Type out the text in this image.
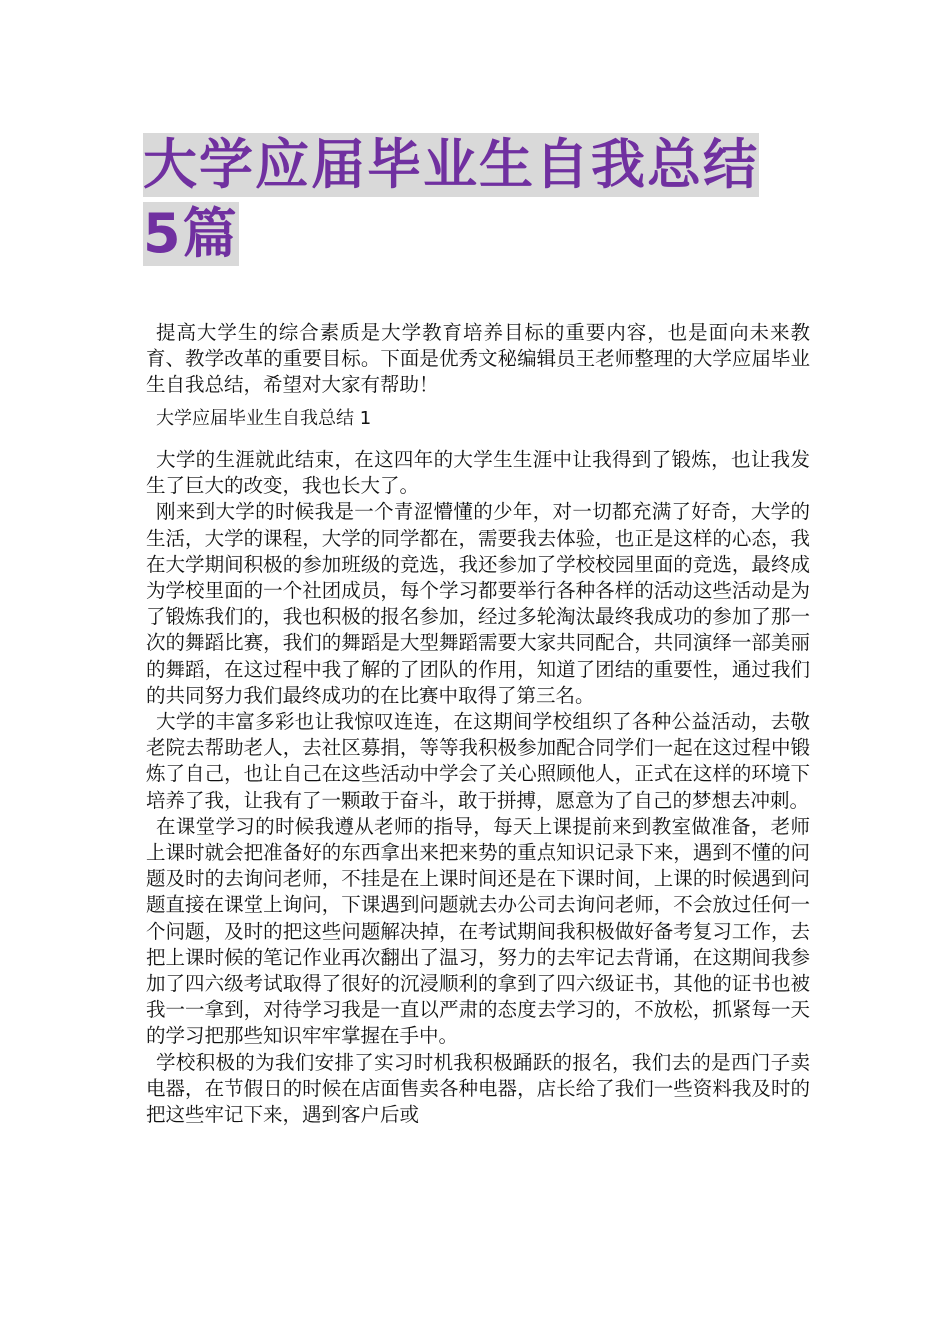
大学应届毕业生自我总结
5篇

提高大学生的综合素质是大学教育培养目标的重要内容，也是面向未来教育、教学改革的重要目标。下面是优秀文秘编辑员王老师整理的大学应届毕业生自我总结，希望对大家有帮助！

大学应届毕业生自我总结 1

大学的生涯就此结束，在这四年的大学生生涯中让我得到了锻炼，也让我发生了巨大的改变，我也长大了。

刚来到大学的时候我是一个青涩懵懂的少年，对一切都充满了好奇，大学的生活，大学的课程，大学的同学都在，需要我去体验，也正是这样的心态，我在大学期间积极的参加班级的竞选，我还参加了学校校园里面的竞选，最终成为学校里面的一个社团成员，每个学习都要举行各种各样的活动这些活动是为了锻炼我们的，我也积极的报名参加，经过多轮淘汰最终我成功的参加了那一次的舞蹈比赛，我们的舞蹈是大型舞蹈需要大家共同配合，共同演绎一部美丽的舞蹈，在这过程中我了解的了团队的作用，知道了团结的重要性，通过我们的共同努力我们最终成功的在比赛中取得了第三名。

大学的丰富多彩也让我惊叹连连，在这期间学校组织了各种公益活动，去敬老院去帮助老人，去社区募捐，等等我积极参加配合同学们一起在这过程中锻炼了自己，也让自己在这些活动中学会了关心照顾他人，正式在这样的环境下培养了我，让我有了一颗敢于奋斗，敢于拼搏，愿意为了自己的梦想去冲刺。

在课堂学习的时候我遵从老师的指导，每天上课提前来到教室做准备，老师上课时就会把准备好的东西拿出来把来势的重点知识记录下来，遇到不懂的问题及时的去询问老师，不挂是在上课时间还是在下课时间，上课的时候遇到问题直接在课堂上询问，下课遇到问题就去办公司去询问老师，不会放过任何一个问题，及时的把这些问题解决掉，在考试期间我积极做好备考复习工作，去把上课时候的笔记作业再次翻出了温习，努力的去牢记去背诵，在这期间我参加了四六级考试取得了很好的沉浸顺利的拿到了四六级证书，其他的证书也被我一一拿到，对待学习我是一直以严肃的态度去学习的，不放松，抓紧每一天的学习把那些知识牢牢掌握在手中。

学校积极的为我们安排了实习时机我积极踊跃的报名，我们去的是西门子卖电器，在节假日的时候在店面售卖各种电器，店长给了我们一些资料我及时的把这些牢记下来，遇到客户后或
